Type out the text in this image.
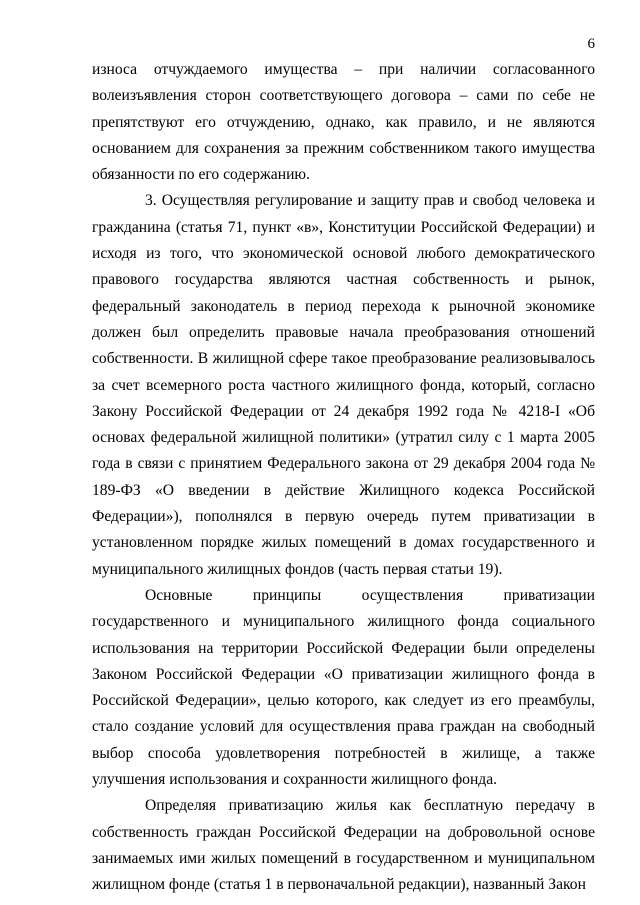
6

износа отчуждаемого имущества – при наличии согласованного волеизъявления сторон соответствующего договора – сами по себе не препятствуют его отчуждению, однако, как правило, и не являются основанием для сохранения за прежним собственником такого имущества обязанности по его содержанию.

3. Осуществляя регулирование и защиту прав и свобод человека и гражданина (статья 71, пункт «в», Конституции Российской Федерации) и исходя из того, что экономической основой любого демократического правового государства являются частная собственность и рынок, федеральный законодатель в период перехода к рыночной экономике должен был определить правовые начала преобразования отношений собственности. В жилищной сфере такое преобразование реализовывалось за счет всемерного роста частного жилищного фонда, который, согласно Закону Российской Федерации от 24 декабря 1992 года № 4218-I «Об основах федеральной жилищной политики» (утратил силу с 1 марта 2005 года в связи с принятием Федерального закона от 29 декабря 2004 года № 189-ФЗ «О введении в действие Жилищного кодекса Российской Федерации»), пополнялся в первую очередь путем приватизации в установленном порядке жилых помещений в домах государственного и муниципального жилищных фондов (часть первая статьи 19).

Основные принципы осуществления приватизации государственного и муниципального жилищного фонда социального использования на территории Российской Федерации были определены Законом Российской Федерации «О приватизации жилищного фонда в Российской Федерации», целью которого, как следует из его преамбулы, стало создание условий для осуществления права граждан на свободный выбор способа удовлетворения потребностей в жилище, а также улучшения использования и сохранности жилищного фонда.

Определяя приватизацию жилья как бесплатную передачу в собственность граждан Российской Федерации на добровольной основе занимаемых ими жилых помещений в государственном и муниципальном жилищном фонде (статья 1 в первоначальной редакции), названный Закон
